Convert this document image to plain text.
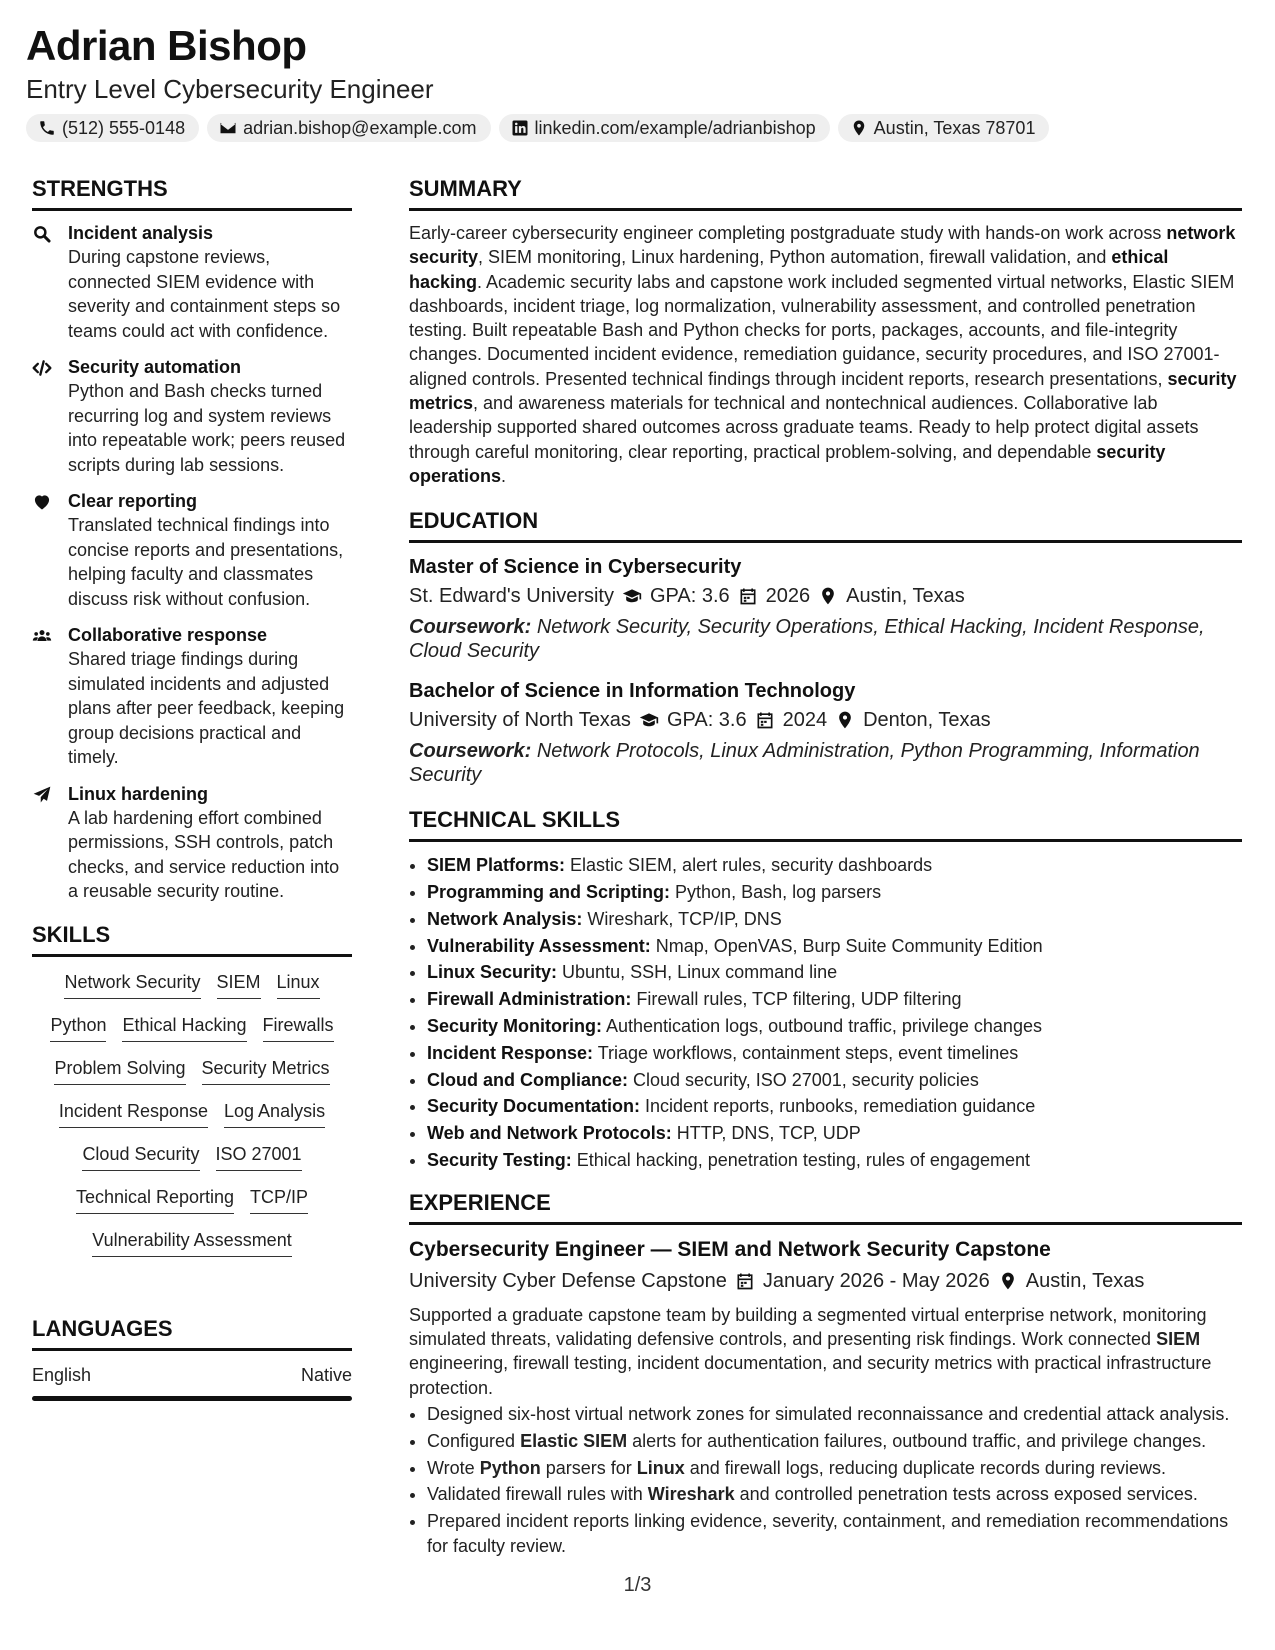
Adrian Bishop
Entry Level Cybersecurity Engineer
(512) 555-0148	adrian.bishop@example.com	linkedin.com/example/adrianbishop	Austin, Texas 78701
STRENGTHS
Incident analysis
During capstone reviews, connected SIEM evidence with severity and containment steps so teams could act with confidence.
Security automation
Python and Bash checks turned recurring log and system reviews into repeatable work; peers reused scripts during lab sessions.
Clear reporting
Translated technical findings into concise reports and presentations, helping faculty and classmates discuss risk without confusion.
Collaborative response
Shared triage findings during simulated incidents and adjusted plans after peer feedback, keeping group decisions practical and timely.
Linux hardening
A lab hardening effort combined permissions, SSH controls, patch checks, and service reduction into a reusable security routine.
SKILLS
Network Security SIEM Linux
Python Ethical Hacking Firewalls
Problem Solving Security Metrics
Incident Response Log Analysis
Cloud Security ISO 27001
Technical Reporting TCP/IP
Vulnerability Assessment
LANGUAGES
English	Native
SUMMARY
Early-career cybersecurity engineer completing postgraduate study with hands-on work across network security, SIEM monitoring, Linux hardening, Python automation, firewall validation, and ethical hacking. Academic security labs and capstone work included segmented virtual networks, Elastic SIEM dashboards, incident triage, log normalization, vulnerability assessment, and controlled penetration testing. Built repeatable Bash and Python checks for ports, packages, accounts, and file-integrity changes. Documented incident evidence, remediation guidance, security procedures, and ISO 27001-aligned controls. Presented technical findings through incident reports, research presentations, security metrics, and awareness materials for technical and nontechnical audiences. Collaborative lab leadership supported shared outcomes across graduate teams. Ready to help protect digital assets through careful monitoring, clear reporting, practical problem-solving, and dependable security operations.
EDUCATION
Master of Science in Cybersecurity
St. Edward's University GPA: 3.6 2026 Austin, Texas
Coursework: Network Security, Security Operations, Ethical Hacking, Incident Response, Cloud Security
Bachelor of Science in Information Technology
University of North Texas GPA: 3.6 2024 Denton, Texas
Coursework: Network Protocols, Linux Administration, Python Programming, Information Security
TECHNICAL SKILLS
• SIEM Platforms: Elastic SIEM, alert rules, security dashboards
• Programming and Scripting: Python, Bash, log parsers
• Network Analysis: Wireshark, TCP/IP, DNS
• Vulnerability Assessment: Nmap, OpenVAS, Burp Suite Community Edition
• Linux Security: Ubuntu, SSH, Linux command line
• Firewall Administration: Firewall rules, TCP filtering, UDP filtering
• Security Monitoring: Authentication logs, outbound traffic, privilege changes
• Incident Response: Triage workflows, containment steps, event timelines
• Cloud and Compliance: Cloud security, ISO 27001, security policies
• Security Documentation: Incident reports, runbooks, remediation guidance
• Web and Network Protocols: HTTP, DNS, TCP, UDP
• Security Testing: Ethical hacking, penetration testing, rules of engagement
EXPERIENCE
Cybersecurity Engineer — SIEM and Network Security Capstone
University Cyber Defense Capstone January 2026 - May 2026 Austin, Texas
Supported a graduate capstone team by building a segmented virtual enterprise network, monitoring simulated threats, validating defensive controls, and presenting risk findings. Work connected SIEM engineering, firewall testing, incident documentation, and security metrics with practical infrastructure protection.
• Designed six-host virtual network zones for simulated reconnaissance and credential attack analysis.
• Configured Elastic SIEM alerts for authentication failures, outbound traffic, and privilege changes.
• Wrote Python parsers for Linux and firewall logs, reducing duplicate records during reviews.
• Validated firewall rules with Wireshark and controlled penetration tests across exposed services.
• Prepared incident reports linking evidence, severity, containment, and remediation recommendations for faculty review.
1/3
